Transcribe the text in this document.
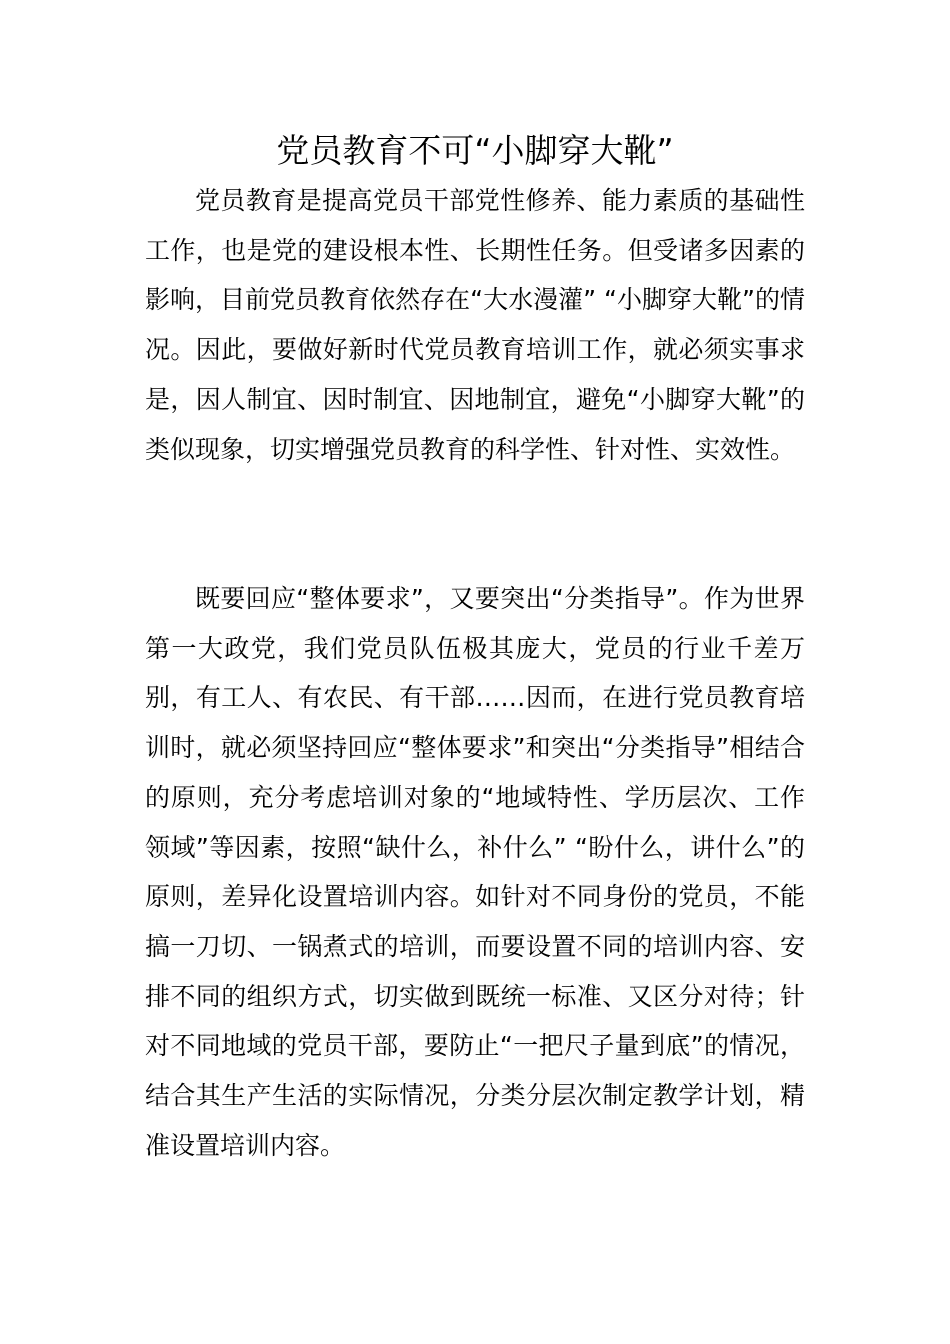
党员教育不可“小脚穿大靴”

党员教育是提高党员干部党性修养、能力素质的基础性工作，也是党的建设根本性、长期性任务。但受诸多因素的影响，目前党员教育依然存在“大水漫灌” “小脚穿大靴”的情况。因此，要做好新时代党员教育培训工作，就必须实事求是，因人制宜、因时制宜、因地制宜，避免“小脚穿大靴”的类似现象，切实增强党员教育的科学性、针对性、实效性。

既要回应“整体要求”，又要突出“分类指导”。作为世界第一大政党，我们党员队伍极其庞大，党员的行业千差万别，有工人、有农民、有干部……因而，在进行党员教育培训时，就必须坚持回应“整体要求”和突出“分类指导”相结合的原则，充分考虑培训对象的“地域特性、学历层次、工作领域”等因素，按照“缺什么，补什么” “盼什么，讲什么”的原则，差异化设置培训内容。如针对不同身份的党员，不能搞一刀切、一锅煮式的培训，而要设置不同的培训内容、安排不同的组织方式，切实做到既统一标准、又区分对待；针对不同地域的党员干部，要防止“一把尺子量到底”的情况，结合其生产生活的实际情况，分类分层次制定教学计划，精准设置培训内容。
